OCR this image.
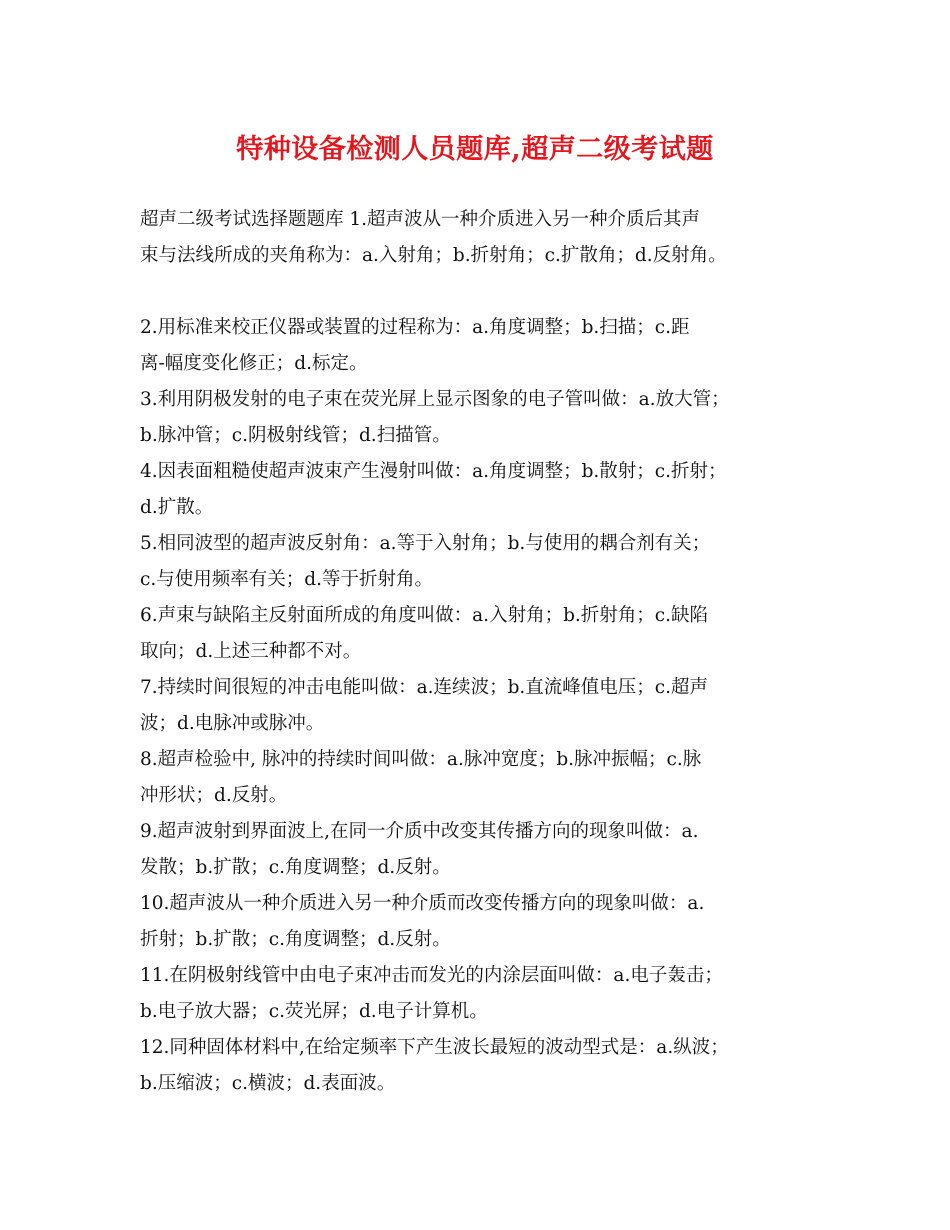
特种设备检测人员题库,超声二级考试题

超声二级考试选择题题库 1.超声波从一种介质进入另一种介质后其声
束与法线所成的夹角称为：a.入射角；b.折射角；c.扩散角；d.反射角。

2.用标准来校正仪器或装置的过程称为：a.角度调整；b.扫描；c.距
离-幅度变化修正；d.标定。

3.利用阴极发射的电子束在荧光屏上显示图象的电子管叫做：a.放大管；
b.脉冲管；c.阴极射线管；d.扫描管。

4.因表面粗糙使超声波束产生漫射叫做：a.角度调整；b.散射；c.折射；
d.扩散。

5.相同波型的超声波反射角：a.等于入射角；b.与使用的耦合剂有关；
c.与使用频率有关；d.等于折射角。

6.声束与缺陷主反射面所成的角度叫做：a.入射角；b.折射角；c.缺陷
取向；d.上述三种都不对。

7.持续时间很短的冲击电能叫做：a.连续波；b.直流峰值电压；c.超声
波；d.电脉冲或脉冲。

8.超声检验中, 脉冲的持续时间叫做：a.脉冲宽度；b.脉冲振幅；c.脉
冲形状；d.反射。

9.超声波射到界面波上,在同一介质中改变其传播方向的现象叫做：a.
发散；b.扩散；c.角度调整；d.反射。

10.超声波从一种介质进入另一种介质而改变传播方向的现象叫做：a.
折射；b.扩散；c.角度调整；d.反射。

11.在阴极射线管中由电子束冲击而发光的内涂层面叫做：a.电子轰击；
b.电子放大器；c.荧光屏；d.电子计算机。

12.同种固体材料中,在给定频率下产生波长最短的波动型式是：a.纵波；
b.压缩波；c.横波；d.表面波。
